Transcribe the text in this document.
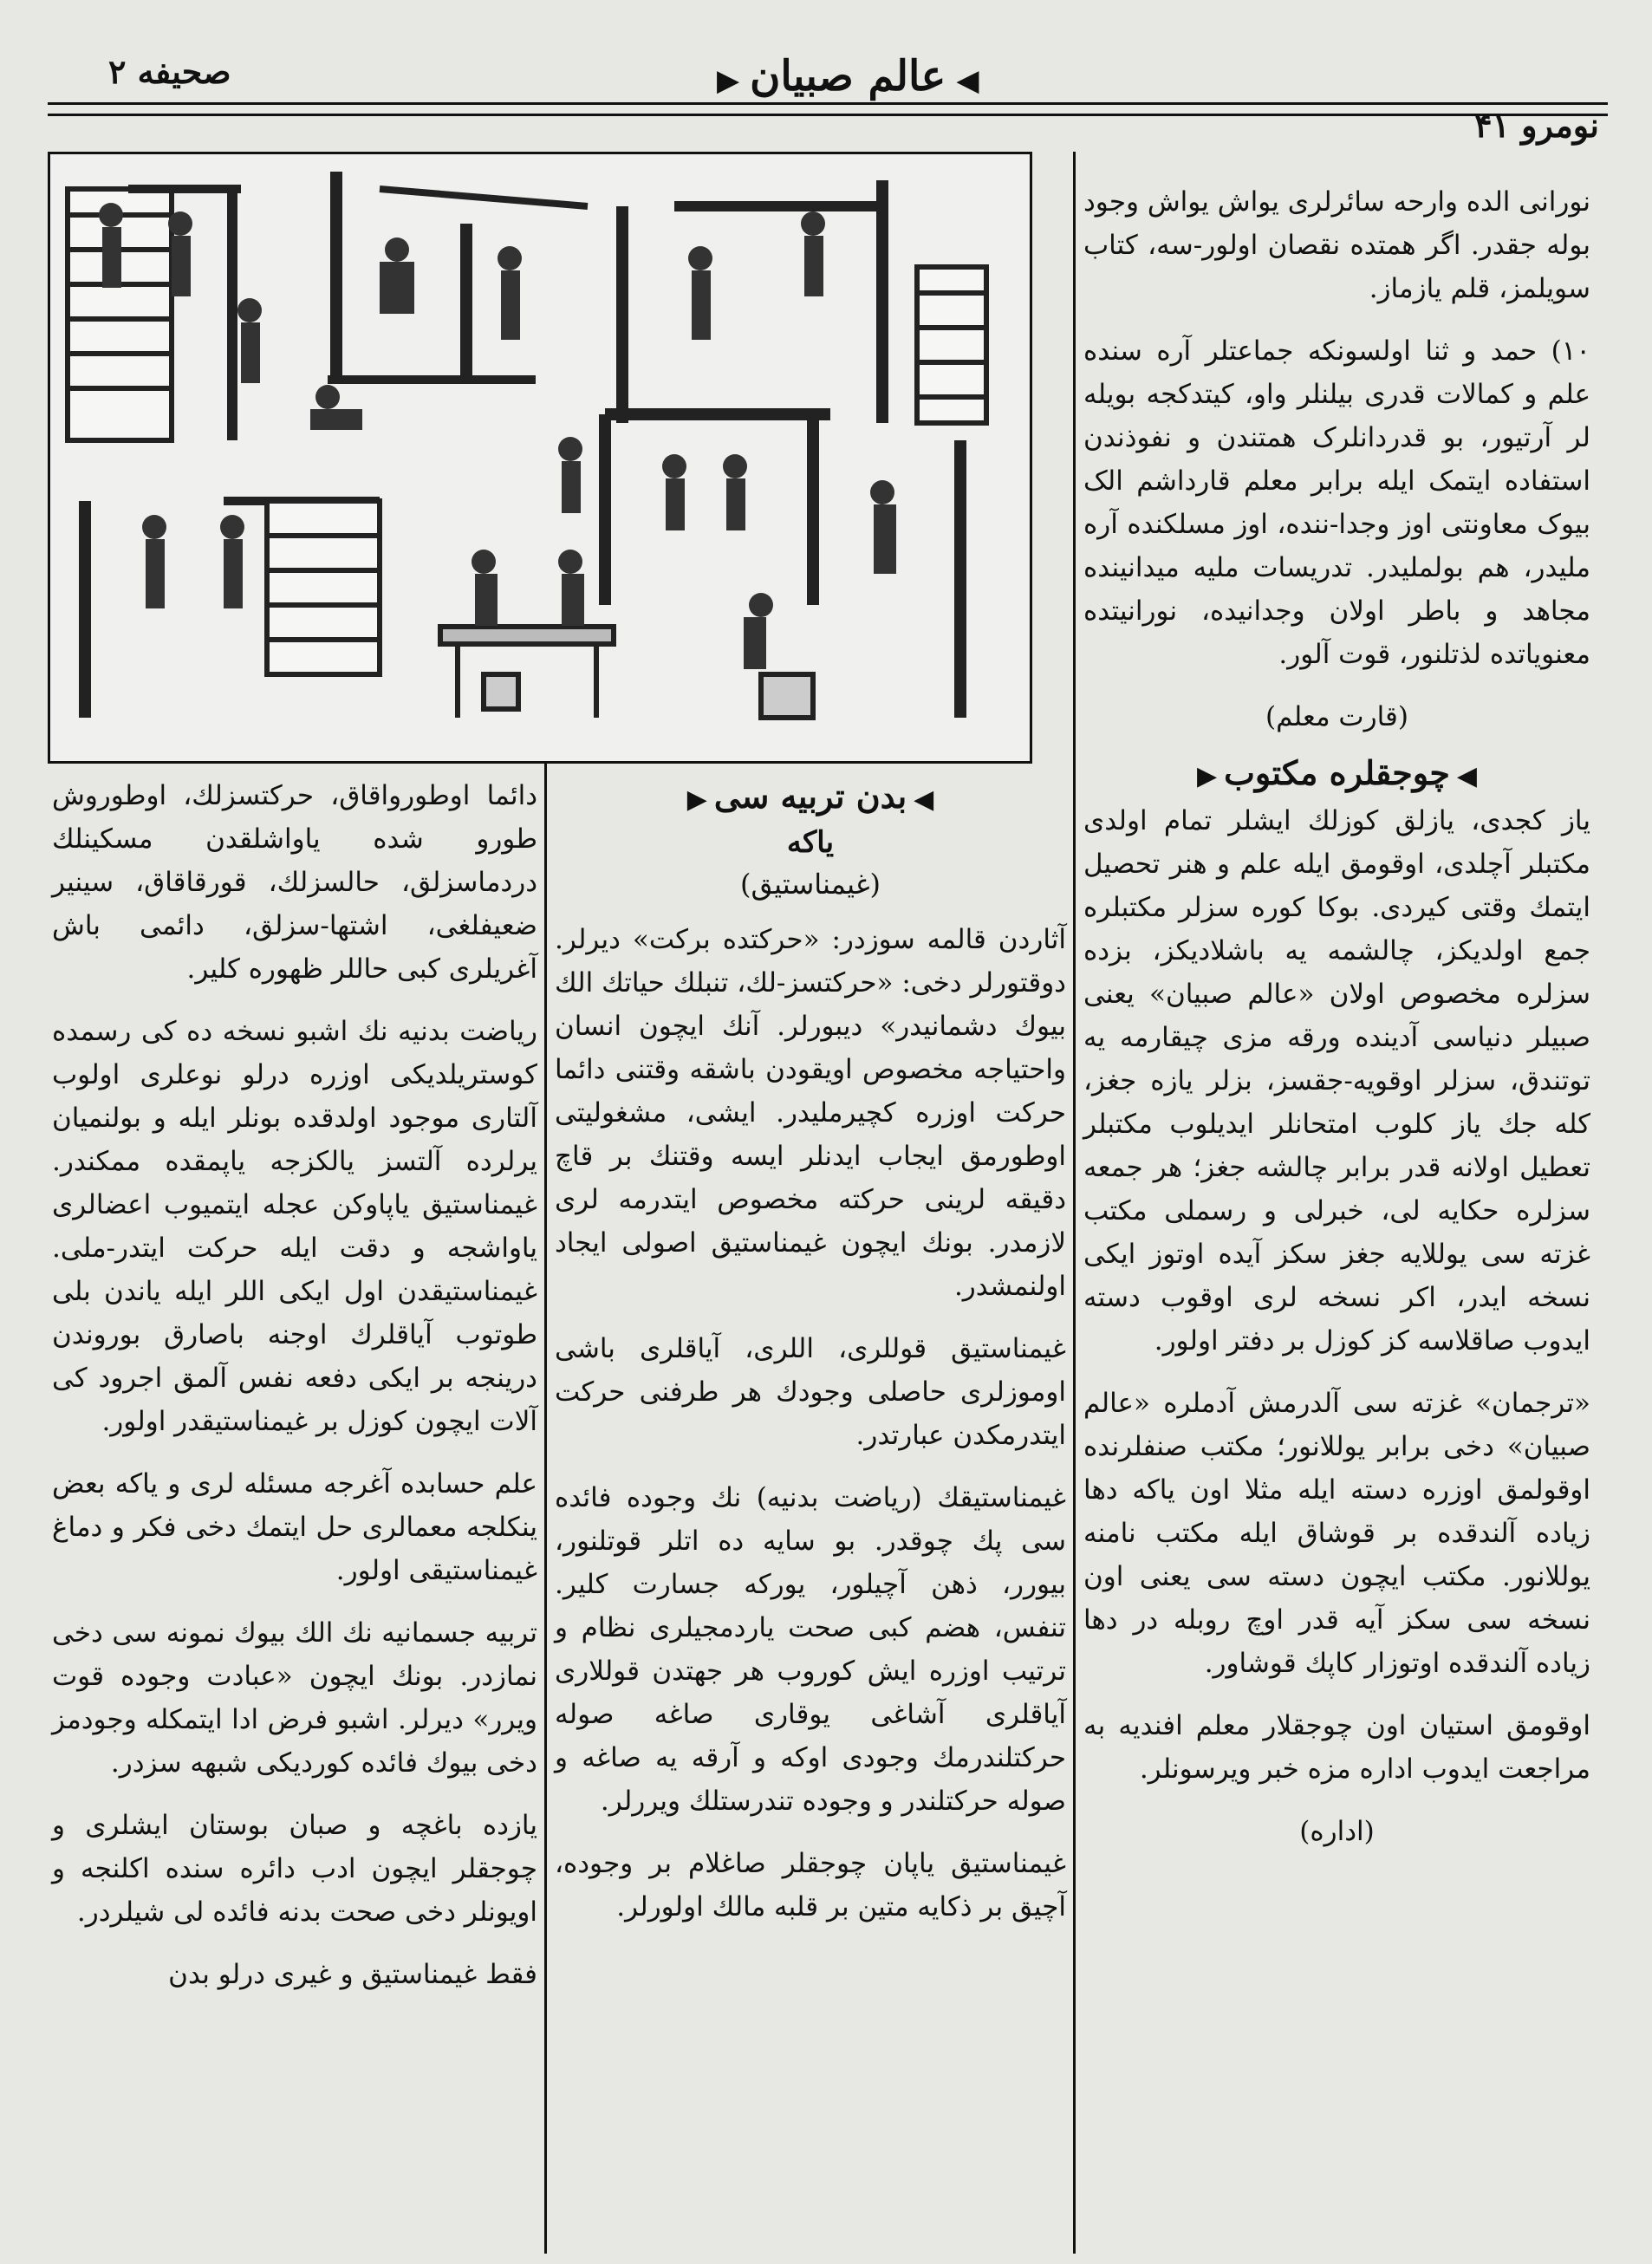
صحیفه ۲	◀عالم صبیان▶
نومرو ۴۱

نورانی الده وارحه سائرلری یواش یواش وجود بوله جقدر. اگر همتده نقصان اولور-سه، کتاب سویلمز، قلم یازماز.

۱۰) حمد و ثنا اولسونکه جماعتلر آره سنده علم و کمالات قدری بیلنلر واو، کیتدکجه بویله لر آرتیور، بو قدردانلرک همتندن و نفوذندن استفاده ایتمک ایله برابر معلم قارداشم الک بیوک معاونتی اوز وجدا-ننده، اوز مسلکنده آره ملیدر، هم بولملیدر. تدریسات ملیه میدانینده مجاهد و باطر اولان وجدانیده، نورانیتده معنویاتده لذتلنور، قوت آلور.

(قارت معلم)
◀چوجقلره مکتوب▶

یاز کجدی، یازلق کوزلك ایشلر تمام اولدی مکتبلر آچلدی، اوقومق ایله علم و هنر تحصیل ایتمك وقتی کیردی. بوکا کوره سزلر مکتبلره جمع اولدیکز، چالشمه یه باشلادیکز، بزده سزلره مخصوص اولان «عالم صبیان» یعنی صبیلر دنیاسی آدینده ورقه مزی چیقارمه یه توتندق، سزلر اوقویه-جقسز، بزلر یازه جغز، کله جك یاز کلوب امتحانلر ایدیلوب مکتبلر تعطیل اولانه قدر برابر چالشه جغز؛ هر جمعه سزلره حکایه لی، خبرلی و رسملی مکتب غزته سی یوللایه جغز سکز آیده اوتوز ایکی نسخه ایدر، اکر نسخه لری اوقوب دسته ایدوب صاقلاسه کز کوزل بر دفتر اولور.

«ترجمان» غزته سی آلدرمش آدملره «عالم صبیان» دخی برابر یوللانور؛ مکتب صنفلرنده اوقولمق اوزره دسته ایله مثلا اون یاکه دها زیاده آلندقده بر قوشاق ایله مکتب نامنه یوللانور. مکتب ایچون دسته سی یعنی اون نسخه سی سکز آیه قدر اوچ روبله در دها زیاده آلندقده اوتوزار کاپك قوشاور.

اوقومق استیان اون چوجقلار معلم افندیه به مراجعت ایدوب اداره مزه خبر ویرسونلر.

(اداره)
◀بدن تربیه سی▶
یاکه
(غیمناستیق)

آثاردن قالمه سوزدر: «حرکتده برکت» دیرلر. دوقتورلر دخی: «حرکتسز-لك، تنبلك حیاتك الك بیوك دشمانیدر» دیبورلر. آنك ایچون انسان واحتیاجه مخصوص اویقودن باشقه وقتنی دائما حرکت اوزره کچیرملیدر. ایشی، مشغولیتی اوطورمق ایجاب ایدنلر ایسه وقتنك بر قاچ دقیقه لرینی حرکته مخصوص ایتدرمه لری لازمدر. بونك ایچون غیمناستیق اصولی ایجاد اولنمشدر.

غیمناستیق قوللری، اللری، آیاقلری باشی اوموزلری حاصلی وجودك هر طرفنی حرکت ایتدرمکدن عبارتدر.

غیمناستیقك (ریاضت بدنیه) نك وجوده فائده سی پك چوقدر. بو سایه ده اتلر قوتلنور، بیورر، ذهن آچیلور، یورکه جسارت کلیر. تنفس، هضم کبی صحت یاردمجیلری نظام و ترتیب اوزره ایش کوروب هر جهتدن قوللاری آیاقلری آشاغی یوقاری صاغه صوله حرکتلندرمك وجودی اوکه و آرقه یه صاغه و صوله حرکتلندر و وجوده تندرستلك ویررلر.

غیمناستیق یاپان چوجقلر صاغلام بر وجوده، آچیق بر ذکایه متین بر قلبه مالك اولورلر.

دائما اوطورواقاق، حرکتسزلك، اوطوروش طورو شده یاواشلقدن مسکینلك دردماسزلق، حالسزلك، قورقاقاق، سینیر ضعیفلغی، اشتها-سزلق، دائمی باش آغریلری کبی حاللر ظهوره کلیر.

ریاضت بدنیه نك اشبو نسخه ده کی رسمده کوستریلدیکی اوزره درلو نوعلری اولوب آلتاری موجود اولدقده بونلر ایله و بولنمیان یرلرده آلتسز یالکزجه یاپمقده ممکندر. غیمناستیق یاپاوکن عجله ایتمیوب اعضالری یاواشجه و دقت ایله حرکت ایتدر-ملی. غیمناستیقدن اول ایکی اللر ایله یاندن بلی طوتوب آیاقلرك اوجنه باصارق بوروندن درینجه بر ایکی دفعه نفس آلمق اجرود کی آلات ایچون کوزل بر غیمناستیقدر اولور.

علم حسابده آغرجه مسئله لری و یاکه بعض ینکلجه معمالری حل ایتمك دخی فکر و دماغ غیمناستیقی اولور.

تربیه جسمانیه نك الك بیوك نمونه سی دخی نمازدر. بونك ایچون «عبادت وجوده قوت ویرر» دیرلر. اشبو فرض ادا ایتمکله وجودمز دخی بیوك فائده کوردیکی شبهه سزدر.

یازده باغچه و صبان بوستان ایشلری و چوجقلر ایچون ادب دائره سنده اکلنجه و اویونلر دخی صحت بدنه فائده لی شیلردر.

فقط غیمناستیق و غیری درلو بدن
